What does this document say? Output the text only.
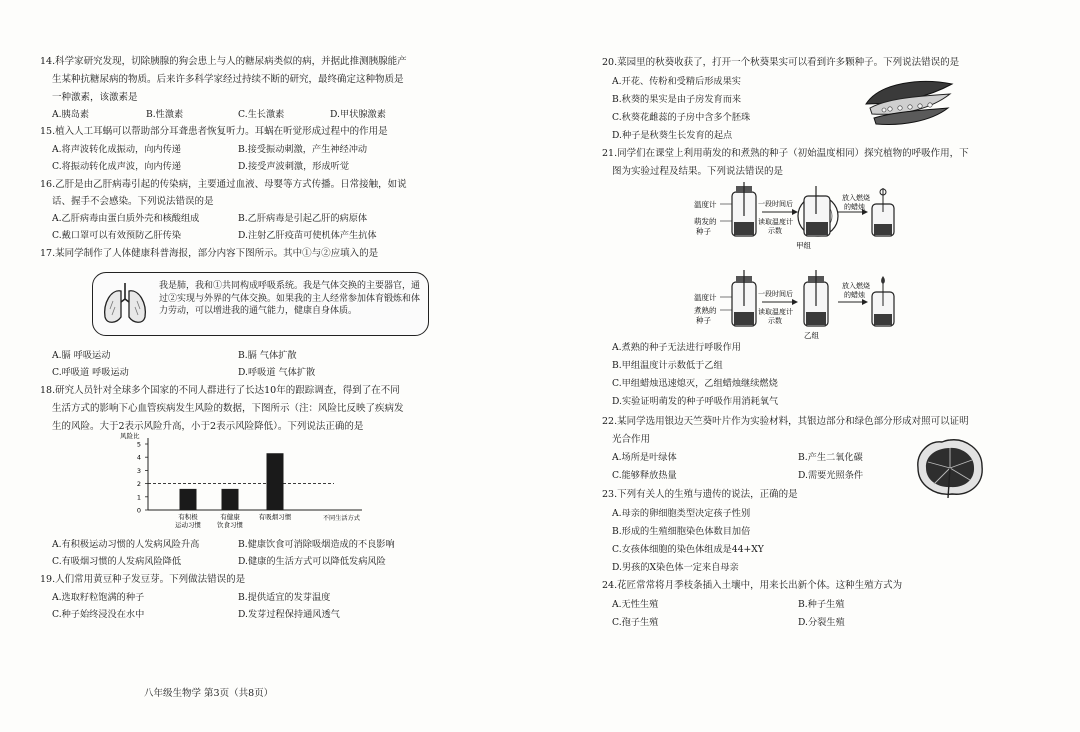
14.科学家研究发现，切除胰腺的狗会患上与人的糖尿病类似的病，并据此推测胰腺能产
生某种抗糖尿病的物质。后来许多科学家经过持续不断的研究，最终确定这种物质是
一种激素，该激素是
A.胰岛素	B.性激素	C.生长激素	D.甲状腺激素
15.植入人工耳蜗可以帮助部分耳聋患者恢复听力。耳蜗在听觉形成过程中的作用是
A.将声波转化成振动，向内传递	B.接受振动刺激，产生神经冲动
C.将振动转化成声波，向内传递	D.接受声波刺激，形成听觉
16.乙肝是由乙肝病毒引起的传染病，主要通过血液、母婴等方式传播。日常接触，如说
话、握手不会感染。下列说法错误的是
A.乙肝病毒由蛋白质外壳和核酸组成	B.乙肝病毒是引起乙肝的病原体
C.戴口罩可以有效预防乙肝传染	D.注射乙肝疫苗可使机体产生抗体
17.某同学制作了人体健康科普海报，部分内容下图所示。其中①与②应填入的是
我是肺，我和①共同构成呼吸系统。我是气体交换的主要器官，通过②实现与外界的气体交换。如果我的主人经常参加体育锻炼和体力劳动，可以增进我的通气能力，健康自身体质。
A.膈 呼吸运动	B.膈 气体扩散
C.呼吸道 呼吸运动	D.呼吸道 气体扩散
18.研究人员针对全球多个国家的不同人群进行了长达10年的跟踪调查，得到了在不同
生活方式的影响下心血管疾病发生风险的数据，下图所示（注：风险比反映了疾病发
生的风险。大于2表示风险升高，小于2表示风险降低）。下列说法正确的是
风险比
0
1
2
3
4
5
有积极
运动习惯
有健康
饮食习惯
有吸烟习惯	不同生活方式
A.有积极运动习惯的人发病风险升高	B.健康饮食可消除吸烟造成的不良影响
C.有吸烟习惯的人发病风险降低	D.健康的生活方式可以降低发病风险
19.人们常用黄豆种子发豆芽。下列做法错误的是
A.选取籽粒饱满的种子	B.提供适宜的发芽温度
C.种子始终浸没在水中	D.发芽过程保持通风透气
八年级生物学 第3页（共8页）
20.菜园里的秋葵收获了，打开一个秋葵果实可以看到许多颗种子。下列说法错误的是
A.开花、传粉和受精后形成果实
B.秋葵的果实是由子房发育而来
C.秋葵花雌蕊的子房中含多个胚珠
D.种子是秋葵生长发育的起点
21.同学们在课堂上利用萌发的和煮熟的种子（初始温度相同）探究植物的呼吸作用，下
图为实验过程及结果。下列说法错误的是
温度计
萌发的
种子
一段时间后
读取温度计
示数
放入燃烧
的蜡烛
甲组
温度计
煮熟的
种子
一段时间后
读取温度计
示数
放入燃烧
的蜡烛
乙组
A.煮熟的种子无法进行呼吸作用
B.甲组温度计示数低于乙组
C.甲组蜡烛迅速熄灭，乙组蜡烛继续燃烧
D.实验证明萌发的种子呼吸作用消耗氧气
22.某同学选用银边天竺葵叶片作为实验材料，其银边部分和绿色部分形成对照可以证明
光合作用
A.场所是叶绿体	B.产生二氧化碳
C.能够释放热量	D.需要光照条件
23.下列有关人的生殖与遗传的说法，正确的是
A.母亲的卵细胞类型决定孩子性别
B.形成的生殖细胞染色体数目加倍
C.女孩体细胞的染色体组成是44+XY
D.男孩的X染色体一定来自母亲
24.花匠常常将月季枝条插入土壤中，用来长出新个体。这种生殖方式为
A.无性生殖	B.种子生殖
C.孢子生殖	D.分裂生殖
